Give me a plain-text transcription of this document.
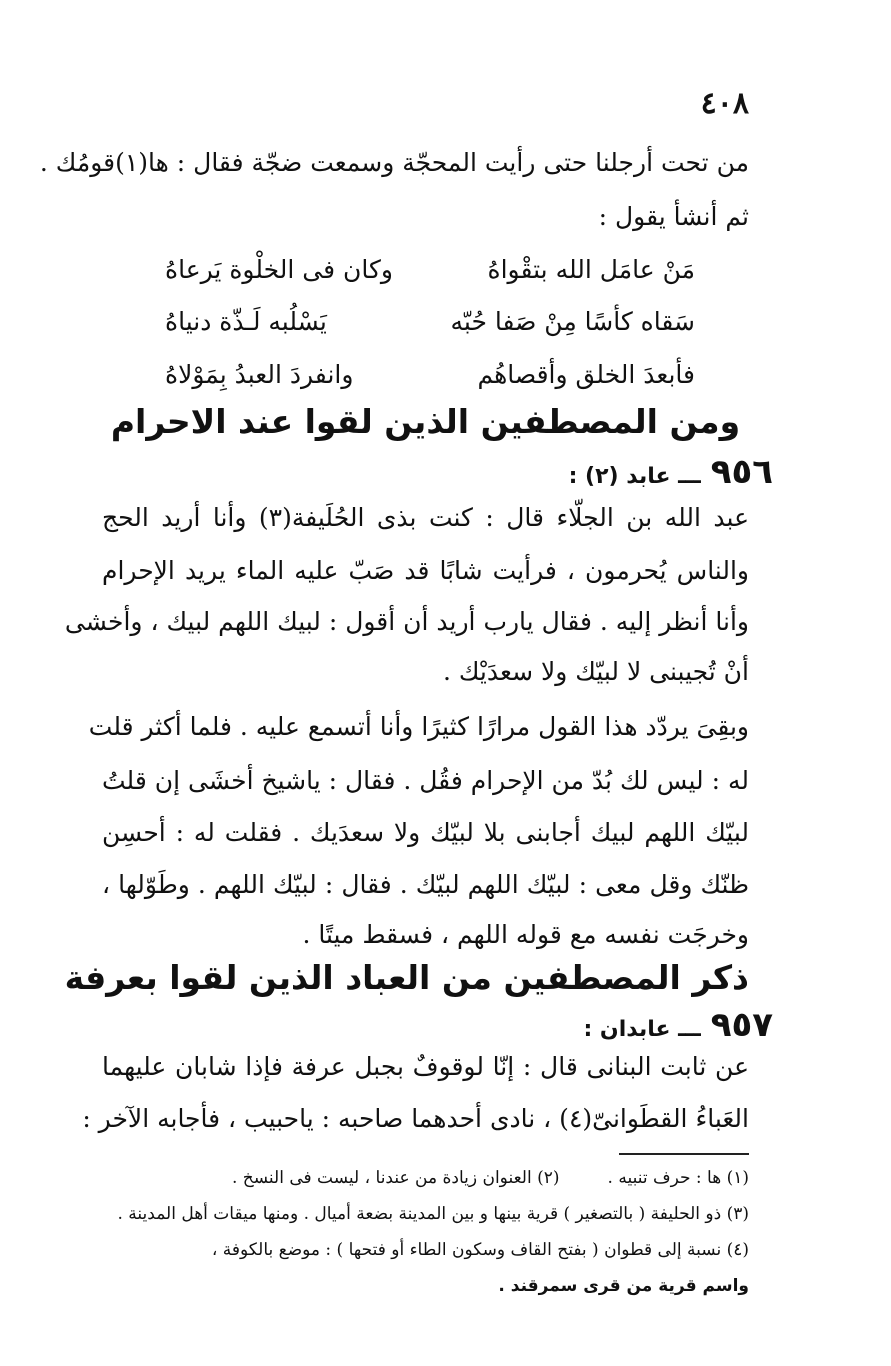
٤٠٨
من تحت أرجلنا حتى رأيت المحجّة وسمعت ضجّة فقال : ها(١)قومُك .
ثم أنشأ يقول :
مَنْ عامَل الله بتقْواهُ
وكان فى الخلْوة يَرعاهُ
سَقاه كأسًا مِنْ صَفا حُبّه
يَسْلُبه لَـذّة دنياهُ
فأبعدَ الخلق وأقصاهُم
وانفردَ العبدُ بِمَوْلاهُ
ومن المصطفين الذين لقوا عند الاحرام
٩٥٦
ـــ عابد (٢) :
عبد الله بن الجلّاء قال : كنت بذى الحُلَيفة(٣) وأنا أريد الحج
والناس يُحرمون ، فرأيت شابًا قد صَبّ عليه الماء يريد الإحرام
وأنا أنظر إليه . فقال يارب أريد أن أقول : لبيك اللهم لبيك ، وأخشى
أنْ تُجيبنى لا لبيّك ولا سعدَيْك .
وبقِىَ يردّد هذا القول مرارًا كثيرًا وأنا أتسمع عليه . فلما أكثر قلت
له : ليس لك بُدّ من الإحرام فقُل . فقال : ياشيخ أخشَى إن قلتُ
لبيّك اللهم لبيك أجابنى بلا لبيّك ولا سعدَيك . فقلت له : أحسِن
ظنّك وقل معى : لبيّك اللهم لبيّك . فقال : لبيّك اللهم . وطَوّلها ،
وخرجَت نفسه مع قوله اللهم ، فسقط ميتًا .
ذكر المصطفين من العباد الذين لقوا بعرفة
٩٥٧
ـــ عابدان :
عن ثابت البنانى قال : إنّا لوقوفٌ بجبل عرفة فإذا شابان عليهما
العَباءُ القطَوانىّ(٤) ، نادى أحدهما صاحبه : ياحبيب ، فأجابه الآخر :
(١) ها : حرف تنبيه .
(٢) العنوان زيادة من عندنا ، ليست فى النسخ .
(٣) ذو الحليفة ( بالتصغير ) قرية بينها و بين المدينة بضعة أميال . ومنها ميقات أهل المدينة .
(٤) نسبة إلى قطوان ( بفتح القاف وسكون الطاء أو فتحها ) : موضع بالكوفة ،
واسم قرية من قرى سمرقند .
